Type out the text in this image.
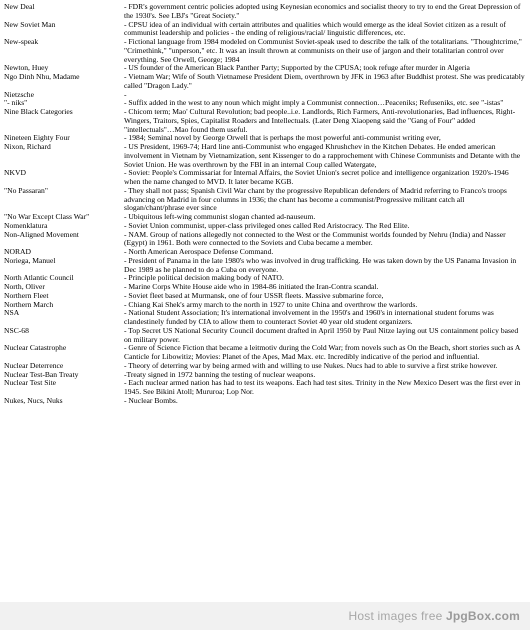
New Deal	- FDR's government centric policies adopted using Keynesian economics and socialist theory to try to end the Great Depression of the 1930's. See LBJ's "Great Society."
New Soviet Man	- CPSU idea of an individual with certain attributes and qualities which would emerge as the ideal Soviet citizen as a result of communist leadership and policies - the ending of religious/racial/ linguistic differences, etc.
New-speak	- Fictional language from 1984 modeled on Communist Soviet-speak used to describe the talk of the totalitarians. "Thoughtcrime," "Crimethink," "unperson," etc. It was an insult thrown at communists on their use of jargon and their totalitarian control over everything. See Orwell, George; 1984
Newton, Huey	- US founder of the American Black Panther Party; Supported by the CPUSA; took refuge after murder in Algeria
Ngo Dinh Nhu, Madame	- Vietnam War; Wife of South Vietnamese President Diem, overthrown by JFK in 1963 after Buddhist protest. She was predicatably called "Dragon Lady."
Nietzsche	-
"- niks"	- Suffix added in the west to any noun which might imply a Communist connection…Peaceniks; Refuseniks, etc. see "-istas"
Nine Black Categories	- Chicom term; Mao' Cultural Revolution; bad people..i.e. Landlords, Rich Farmers, Anti-revolutionaries, Bad influences, Right-Wingers, Traitors, Spies, Capitalist Roaders and Intellectuals. (Later Deng Xiaopeng said the "Gang of Four" added "intellectuals"…Mao found them useful.
Nineteen Eighty Four	- 1984; Seminal novel by George Orwell that is perhaps the most powerful anti-communist writing ever,
Nixon, Richard	- US President, 1969-74; Hard line anti-Communist who engaged Khrushchev in the Kitchen Debates. He ended american involvement in Vietnam by Vietnamization, sent Kissenger to do a rapprochement with Chinese Communists and Detante with the Soviet Union. He was overthrown by the FBI in an internal Coup called Watergate,
NKVD	- Soviet: People's Commissariat for Internal Affairs, the Soviet Union's secret police and intelligence organization 1920's-1946 when the name changed to MVD. It later became KGB.
"No Passaran"	- They shall not pass; Spanish Civil War chant by the progressive Republican defenders of Madrid referring to Franco's troops advancing on Madrid in four columns in 1936; the chant has become a communist/Progressive militant catch all slogan/chant/phrase ever since
"No War Except Class War"	- Ubiquitous left-wing communist slogan chanted ad-nauseum.
Nomenklatura	- Soviet Union communist, upper-class privileged ones called Red Aristocracy. The Red Elite.
Non-Aligned Movement	- NAM. Group of nations allegedly not connected to the West or the Communist worlds founded by Nehru (India) and Nasser (Egypt) in 1961. Both were connected to the Soviets and Cuba became a member.
NORAD	- North American Aerospace Defense Command.
Noriega, Manuel	- President of Panama in the late 1980's who was involved in drug trafficking. He was taken down by the US Panama Invasion in Dec 1989 as he planned to do a Cuba on everyone.
North Atlantic Council	- Principle political decision making body of NATO.
North, Oliver	- Marine Corps White House aide who in 1984-86 initiated the Iran-Contra scandal.
Northern Fleet	- Soviet fleet based at Murmansk, one of four USSR fleets. Massive submarine force,
Northern March	- Chiang Kai Shek's army march to the north in 1927 to unite China and overthrow the warlords.
NSA	- National Student Association; It's international involvement in the 1950's and 1960's in international student forums was clandestinely funded by CIA to allow them to counteract Soviet 40 year old student organizers.
NSC-68	- Top Secret US National Security Council document drafted in April 1950 by Paul Nitze laying out US containment policy based on military power.
Nuclear Catastrophe	- Genre of Science Fiction that became a leitmotiv during the Cold War; from novels such as On the Beach, short stories such as A Canticle for Libowitiz; Movies: Planet of the Apes, Mad Max. etc. Incredibly indicative of the period and influential.
Nuclear Deterrence	- Theory of deterring war by being armed with and willing to use Nukes. Nucs had to able to survive a first strike however.
Nuclear Test-Ban Treaty	-Treaty signed in 1972 banning the testing of nuclear weapons.
Nuclear Test Site	- Each nuclear armed nation has had to test its weapons. Each had test sites. Trinity in the New Mexico Desert was the first ever in 1945. See Bikini Atoll; Mururoa; Lop Nor.
Nukes, Nucs, Nuks	- Nuclear Bombs.
Host images free JpgBox.com
